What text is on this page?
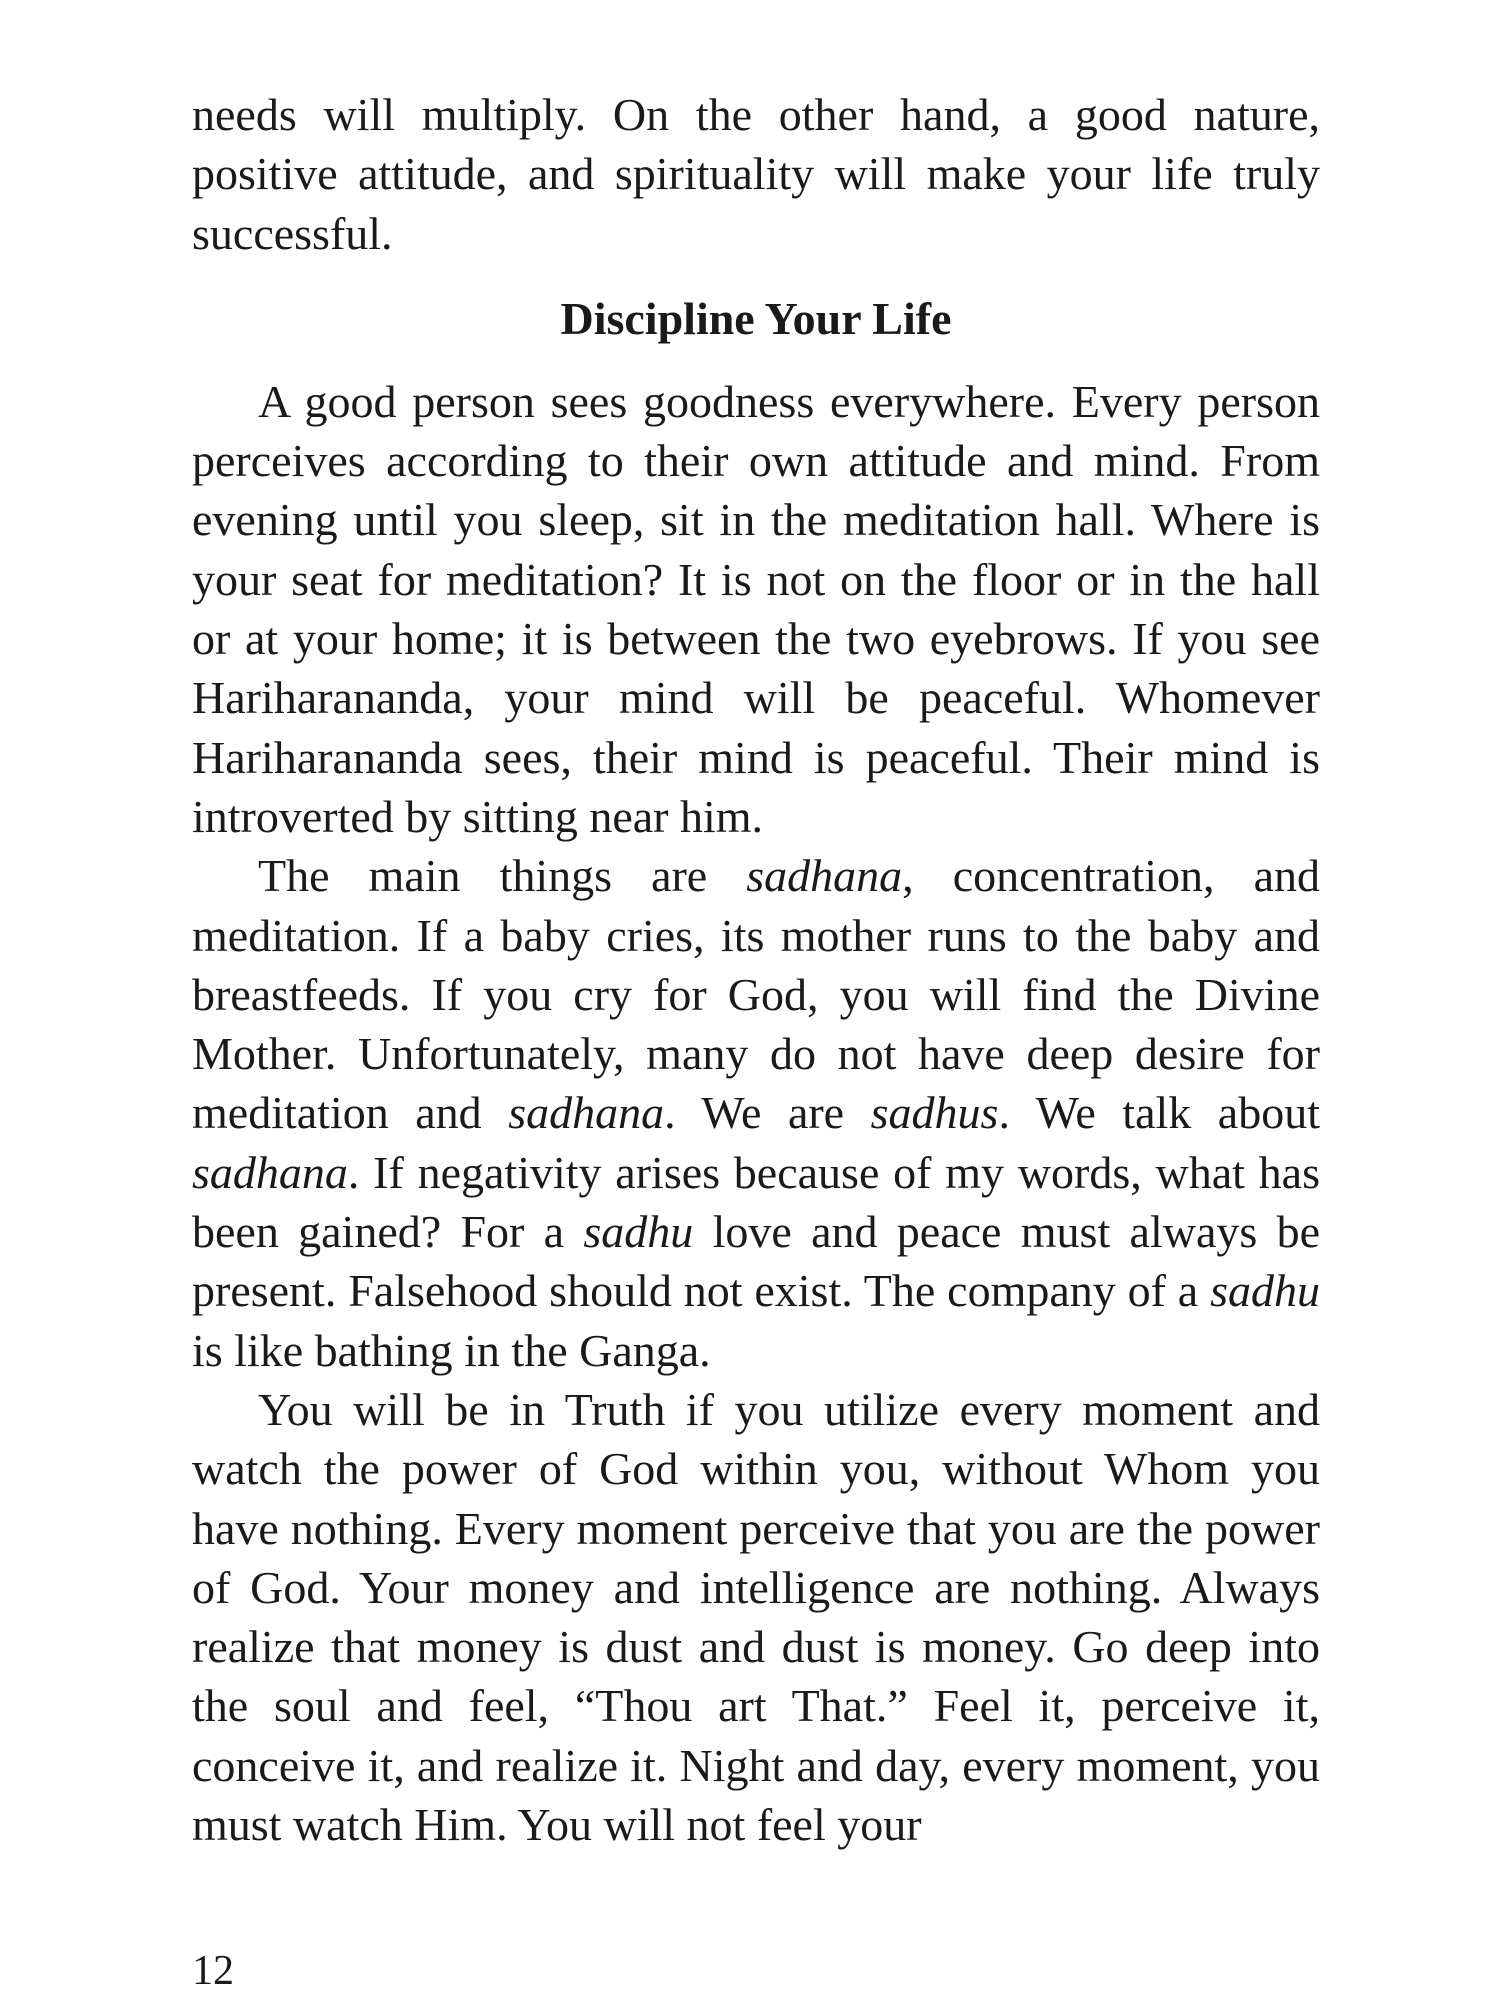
needs will multiply. On the other hand, a good nature, positive attitude, and spirituality will make your life truly successful.

Discipline Your Life

A good person sees goodness everywhere. Every person perceives according to their own attitude and mind. From evening until you sleep, sit in the meditation hall. Where is your seat for meditation? It is not on the floor or in the hall or at your home; it is between the two eyebrows. If you see Hariharananda, your mind will be peaceful. Whomever Hariharananda sees, their mind is peaceful. Their mind is introverted by sitting near him.

The main things are sadhana, concentration, and meditation. If a baby cries, its mother runs to the baby and breastfeeds. If you cry for God, you will find the Divine Mother. Unfortunately, many do not have deep desire for meditation and sadhana. We are sadhus. We talk about sadhana. If negativity arises because of my words, what has been gained? For a sadhu love and peace must always be present. Falsehood should not exist. The company of a sadhu is like bathing in the Ganga.

You will be in Truth if you utilize every moment and watch the power of God within you, without Whom you have nothing. Every moment perceive that you are the power of God. Your money and intelligence are nothing. Always realize that money is dust and dust is money. Go deep into the soul and feel, “Thou art That.” Feel it, perceive it, conceive it, and realize it. Night and day, every moment, you must watch Him. You will not feel your

12
